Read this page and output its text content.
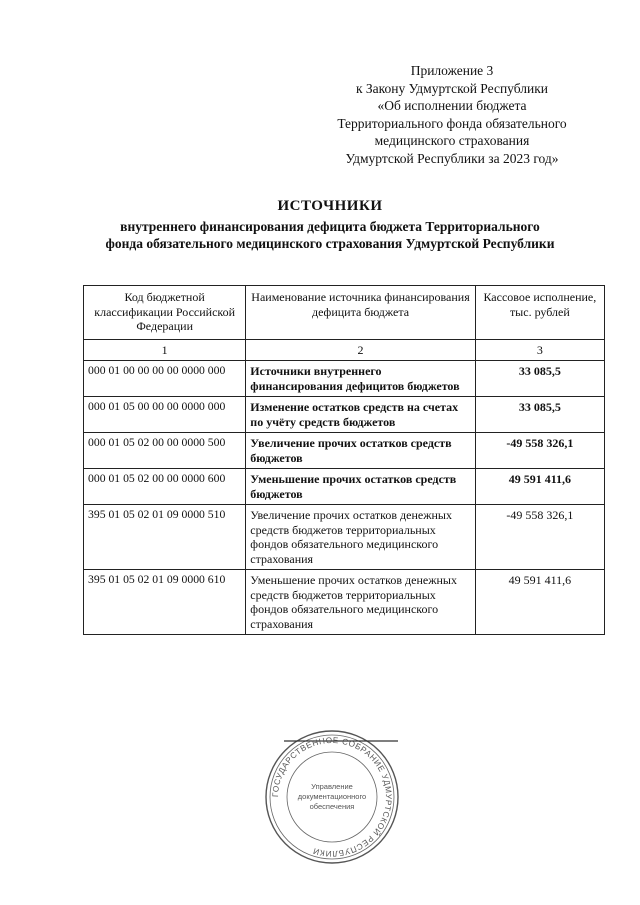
Приложение 3
к Закону Удмуртской Республики
«Об исполнении бюджета
Территориального фонда обязательного
медицинского страхования
Удмуртской Республики за 2023 год»
ИСТОЧНИКИ
внутреннего финансирования дефицита бюджета Территориального
фонда обязательного медицинского страхования Удмуртской Республики
Код бюджетной классификации Российской Федерации	Наименование источника финансирования дефицита бюджета	Кассовое исполнение, тыс. рублей
1	2	3
000 01 00 00 00 00 0000 000	Источники внутреннего финансирования дефицитов бюджетов	33 085,5
000 01 05 00 00 00 0000 000	Изменение остатков средств на счетах по учёту средств бюджетов	33 085,5
000 01 05 02 00 00 0000 500	Увеличение прочих остатков средств бюджетов	-49 558 326,1
000 01 05 02 00 00 0000 600	Уменьшение прочих остатков средств бюджетов	49 591 411,6
395 01 05 02 01 09 0000 510	Увеличение прочих остатков денежных средств бюджетов территориальных фондов обязательного медицинского страхования	-49 558 326,1
395 01 05 02 01 09 0000 610	Уменьшение прочих остатков денежных средств бюджетов территориальных фондов обязательного медицинского страхования	49 591 411,6
ГОСУДАРСТВЕННОЕ СОБРАНИЕ УДМУРТСКОЙ РЕСПУБЛИКИ
Управление
документационного
обеспечения
